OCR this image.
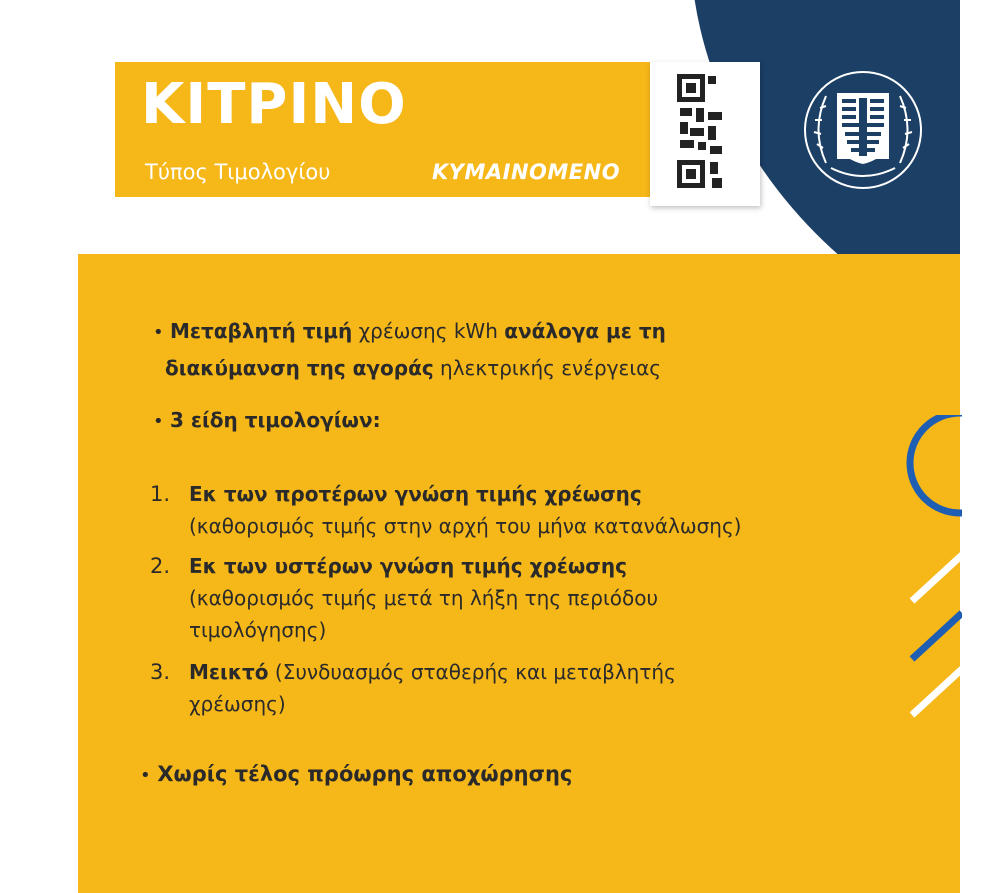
ΚΙΤΡΙΝΟ
Τύπος Τιμολογίου	ΚΥΜΑΙΝΟΜΕΝΟ
• Μεταβλητή τιμή χρέωσης kWh ανάλογα με τη
διακύμανση της αγοράς ηλεκτρικής ενέργειας
• 3 είδη τιμολογίων:
1. Εκ των προτέρων γνώση τιμής χρέωσης
(καθορισμός τιμής στην αρχή του μήνα κατανάλωσης)
2. Εκ των υστέρων γνώση τιμής χρέωσης
(καθορισμός τιμής μετά τη λήξη της περιόδου
τιμολόγησης)
3. Μεικτό (Συνδυασμός σταθερής και μεταβλητής
χρέωσης)
• Χωρίς τέλος πρόωρης αποχώρησης
